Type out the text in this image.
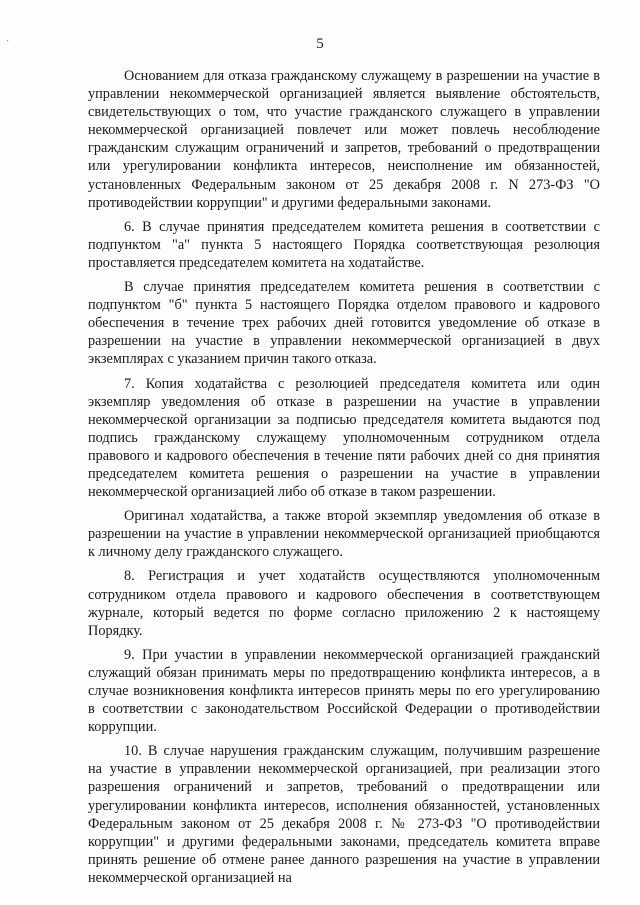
·	5

Основанием для отказа гражданскому служащему в разрешении на участие в управлении некоммерческой организацией является выявление обстоятельств, свидетельствующих о том, что участие гражданского служащего в управлении некоммерческой организацией повлечет или может повлечь несоблюдение гражданским служащим ограничений и запретов, требований о предотвращении или урегулировании конфликта интересов, неисполнение им обязанностей, установленных Федеральным законом от 25 декабря 2008 г. N 273-ФЗ "О противодействии коррупции" и другими федеральными законами.

6. В случае принятия председателем комитета решения в соответствии с подпунктом "а" пункта 5 настоящего Порядка соответствующая резолюция проставляется председателем комитета на ходатайстве.

В случае принятия председателем комитета решения в соответствии с подпунктом "б" пункта 5 настоящего Порядка отделом правового и кадрового обеспечения в течение трех рабочих дней готовится уведомление об отказе в разрешении на участие в управлении некоммерческой организацией в двух экземплярах с указанием причин такого отказа.

7. Копия ходатайства с резолюцией председателя комитета или один экземпляр уведомления об отказе в разрешении на участие в управлении некоммерческой организации за подписью председателя комитета выдаются под подпись гражданскому служащему уполномоченным сотрудником отдела правового и кадрового обеспечения в течение пяти рабочих дней со дня принятия председателем комитета решения о разрешении на участие в управлении некоммерческой организацией либо об отказе в таком разрешении.

Оригинал ходатайства, а также второй экземпляр уведомления об отказе в разрешении на участие в управлении некоммерческой организацией приобщаются к личному делу гражданского служащего.

8. Регистрация и учет ходатайств осуществляются уполномоченным сотрудником отдела правового и кадрового обеспечения в соответствующем журнале, который ведется по форме согласно приложению 2 к настоящему Порядку.

9. При участии в управлении некоммерческой организацией гражданский служащий обязан принимать меры по предотвращению конфликта интересов, а в случае возникновения конфликта интересов принять меры по его урегулированию в соответствии с законодательством Российской Федерации о противодействии коррупции.

10. В случае нарушения гражданским служащим, получившим разрешение на участие в управлении некоммерческой организацией, при реализации этого разрешения ограничений и запретов, требований о предотвращении или урегулировании конфликта интересов, исполнения обязанностей, установленных Федеральным законом от 25 декабря 2008 г. № 273-ФЗ "О противодействии коррупции" и другими федеральными законами, председатель комитета вправе принять решение об отмене ранее данного разрешения на участие в управлении некоммерческой организацией на
